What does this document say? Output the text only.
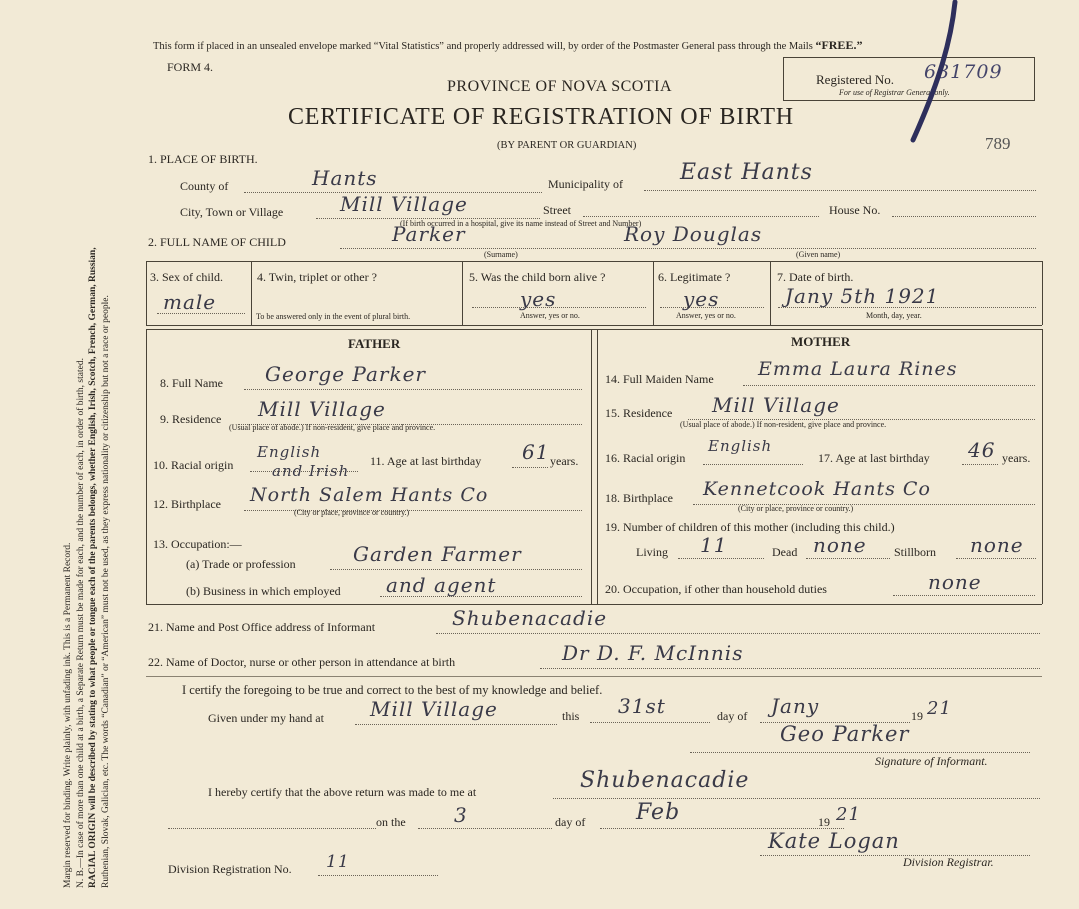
Margin reserved for binding. Write plainly, with unfading ink. This is a Permanent Record. N. B.—In case of more than one child at a birth, a Separate Return must be made for each, and the number of each, in order of birth, stated. RACIAL ORIGIN will be described by stating to what people or tongue each of the parents belongs, whether English, Irish, Scotch, French, German, Russian, Ruthenian, Slovak, Galician, etc. The words “Canadian” or “American” must not be used, as they express nationality or citizenship but not a race or people.
This form if placed in an unsealed envelope marked “Vital Statistics” and properly addressed will, by order of the Postmaster General pass through the Mails “FREE.”
FORM 4.
PROVINCE OF NOVA SCOTIA
CERTIFICATE OF REGISTRATION OF BIRTH
(BY PARENT OR GUARDIAN)
Registered No. 631709
For use of Registrar General only.
789
1. PLACE OF BIRTH.
County of	Hants	Municipality of	East Hants
City, Town or Village	Mill Village	Street
(If birth occurred in a hospital, give its name instead of Street and Number)
House No.
2. FULL NAME OF CHILD	Parker	Roy Douglas
(Surname)	(Given name)
3. Sex of child.
male
4. Twin, triplet or other ?
To be answered only in the event of plural birth.
5. Was the child born alive ?
yes
Answer, yes or no.
6. Legitimate ?
yes
Answer, yes or no.
7. Date of birth.
Jany 5th 1921
Month, day, year.
FATHER	MOTHER
8. Full Name George Parker
9. Residence Mill Village
(Usual place of abode.) If non-resident, give place and province.
10. Racial origin
English
and Irish
11. Age at last birthday 61 years.
12. Birthplace North Salem Hants Co
(City or place, province or country.)
13. Occupation:—
(a) Trade or profession	Garden Farmer
(b) Business in which employed and agent
14. Full Maiden Name Emma Laura Rines
15. Residence Mill Village
(Usual place of abode.) If non-resident, give place and province.
16. Racial origin
English
17. Age at last birthday 46 years.
18. Birthplace Kennetcook Hants Co
(City or place, province or country.)
19. Number of children of this mother (including this child.)
Living 11	Dead none Stillborn none
20. Occupation, if other than household duties	none
21. Name and Post Office address of Informant	Shubenacadie
22. Name of Doctor, nurse or other person in attendance at birth	Dr D. F. McInnis
I certify the foregoing to be true and correct to the best of my knowledge and belief.
Given under my hand at Mill Village	this 31st	day of Jany	19 21
Geo Parker
Signature of Informant.
I hereby certify that the above return was made to me at	Shubenacadie
on the 3	day of Feb	19 21
Kate Logan
Division Registrar.
Division Registration No. 11
